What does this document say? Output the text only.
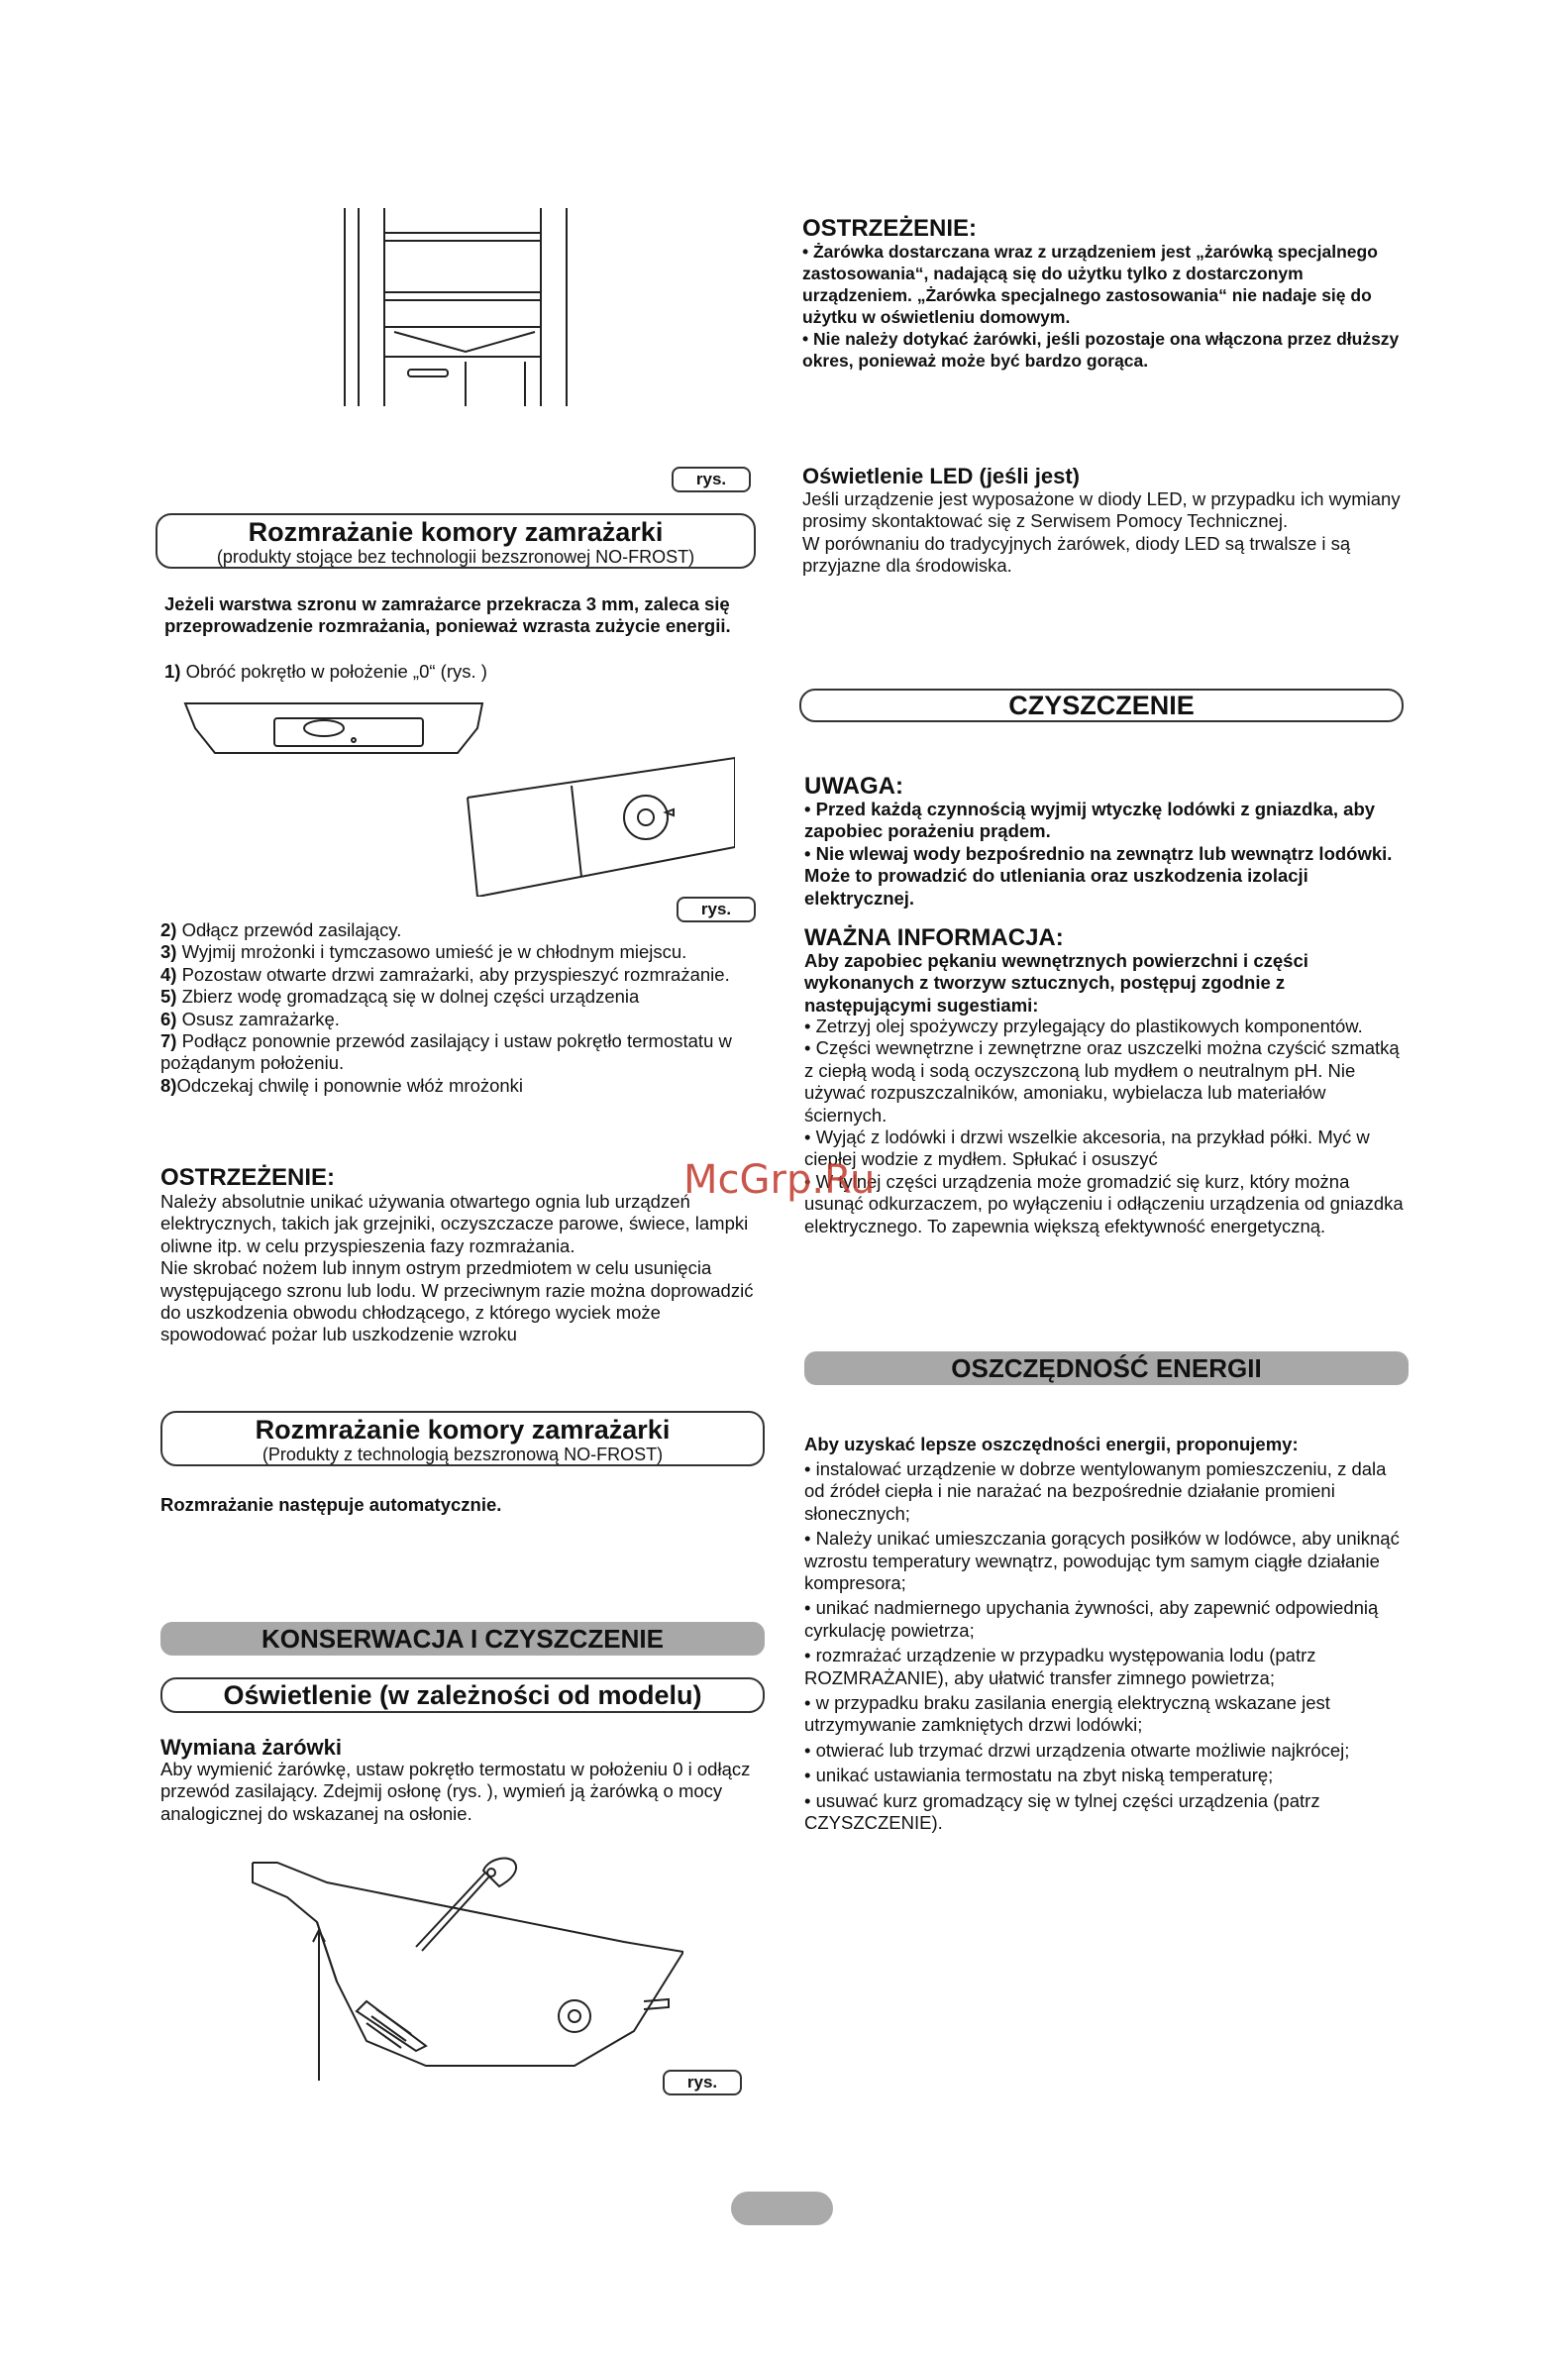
rys.
Rozmrażanie komory zamrażarki
(produkty stojące bez technologii bezszronowej NO-FROST)
Jeżeli warstwa szronu w zamrażarce przekracza 3 mm, zaleca się przeprowadzenie rozmrażania, ponieważ wzrasta zużycie energii.
1) Obróć pokrętło w położenie „0“ (rys. )
rys.

2) Odłącz przewód zasilający.

3) Wyjmij mrożonki i tymczasowo umieść je w chłodnym miejscu.

4) Pozostaw otwarte drzwi zamrażarki, aby przyspieszyć rozmrażanie.

5) Zbierz wodę gromadzącą się w dolnej części urządzenia

6) Osusz zamrażarkę.

7) Podłącz ponownie przewód zasilający i ustaw pokrętło termostatu w pożądanym położeniu.

8)Odczekaj chwilę i ponownie włóż mrożonki

OSTRZEŻENIE:

Należy absolutnie unikać używania otwartego ognia lub urządzeń elektrycznych, takich jak grzejniki, oczyszczacze parowe, świece, lampki oliwne itp. w celu przyspieszenia fazy rozmrażania.

Nie skrobać nożem lub innym ostrym przedmiotem w celu usunięcia występującego szronu lub lodu. W przeciwnym razie można doprowadzić do uszkodzenia obwodu chłodzącego, z którego wyciek może spowodować pożar lub uszkodzenie wzroku

Rozmrażanie komory zamrażarki
(Produkty z technologią bezszronową NO-FROST)
Rozmrażanie następuje automatycznie.
KONSERWACJA I CZYSZCZENIE
Oświetlenie (w zależności od modelu)
Wymiana żarówki
Aby wymienić żarówkę, ustaw pokrętło termostatu w położeniu 0 i odłącz przewód zasilający. Zdejmij osłonę (rys. ), wymień ją żarówką o mocy analogicznej do wskazanej na osłonie.
rys.
OSTRZEŻENIE:

• Żarówka dostarczana wraz z urządzeniem jest „żarówką specjalnego zastosowania“, nadającą się do użytku tylko z dostarczonym urządzeniem. „Żarówka specjalnego zastosowania“ nie nadaje się do użytku w oświetleniu domowym.

• Nie należy dotykać żarówki, jeśli pozostaje ona włączona przez dłuższy okres, ponieważ może być bardzo gorąca.

Oświetlenie LED (jeśli jest)

Jeśli urządzenie jest wyposażone w diody LED, w przypadku ich wymiany prosimy skontaktować się z Serwisem Pomocy Technicznej.

W porównaniu do tradycyjnych żarówek, diody LED są trwalsze i są przyjazne dla środowiska.

CZYSZCZENIE
UWAGA:

• Przed każdą czynnością wyjmij wtyczkę lodówki z gniazdka, aby zapobiec porażeniu prądem.

• Nie wlewaj wody bezpośrednio na zewnątrz lub wewnątrz lodówki. Może to prowadzić do utleniania oraz uszkodzenia izolacji elektrycznej.

WAŻNA INFORMACJA:
Aby zapobiec pękaniu wewnętrznych powierzchni i części wykonanych z tworzyw sztucznych, postępuj zgodnie z następującymi sugestiami:

• Zetrzyj olej spożywczy przylegający do plastikowych komponentów.

• Części wewnętrzne i zewnętrzne oraz uszczelki można czyścić szmatką z ciepłą wodą i sodą oczyszczoną lub mydłem o neutralnym pH. Nie używać rozpuszczalników, amoniaku, wybielacza lub materiałów ściernych.

• Wyjąć z lodówki i drzwi wszelkie akcesoria, na przykład półki. Myć w ciepłej wodzie z mydłem. Spłukać i osuszyć

• W tylnej części urządzenia może gromadzić się kurz, który można usunąć odkurzaczem, po wyłączeniu i odłączeniu urządzenia od gniazdka elektrycznego. To zapewnia większą efektywność energetyczną.

McGrp.Ru
OSZCZĘDNOŚĆ ENERGII
Aby uzyskać lepsze oszczędności energii, proponujemy:

• instalować urządzenie w dobrze wentylowanym pomieszczeniu, z dala od źródeł ciepła i nie narażać na bezpośrednie działanie promieni słonecznych;

• Należy unikać umieszczania gorących posiłków w lodówce, aby uniknąć wzrostu temperatury wewnątrz, powodując tym samym ciągłe działanie kompresora;

• unikać nadmiernego upychania żywności, aby zapewnić odpowiednią cyrkulację powietrza;

• rozmrażać urządzenie w przypadku występowania lodu (patrz ROZMRAŻANIE), aby ułatwić transfer zimnego powietrza;

• w przypadku braku zasilania energią elektryczną wskazane jest utrzymywanie zamkniętych drzwi lodówki;

• otwierać lub trzymać drzwi urządzenia otwarte możliwie najkrócej;

• unikać ustawiania termostatu na zbyt niską temperaturę;

• usuwać kurz gromadzący się w tylnej części urządzenia (patrz CZYSZCZENIE).
